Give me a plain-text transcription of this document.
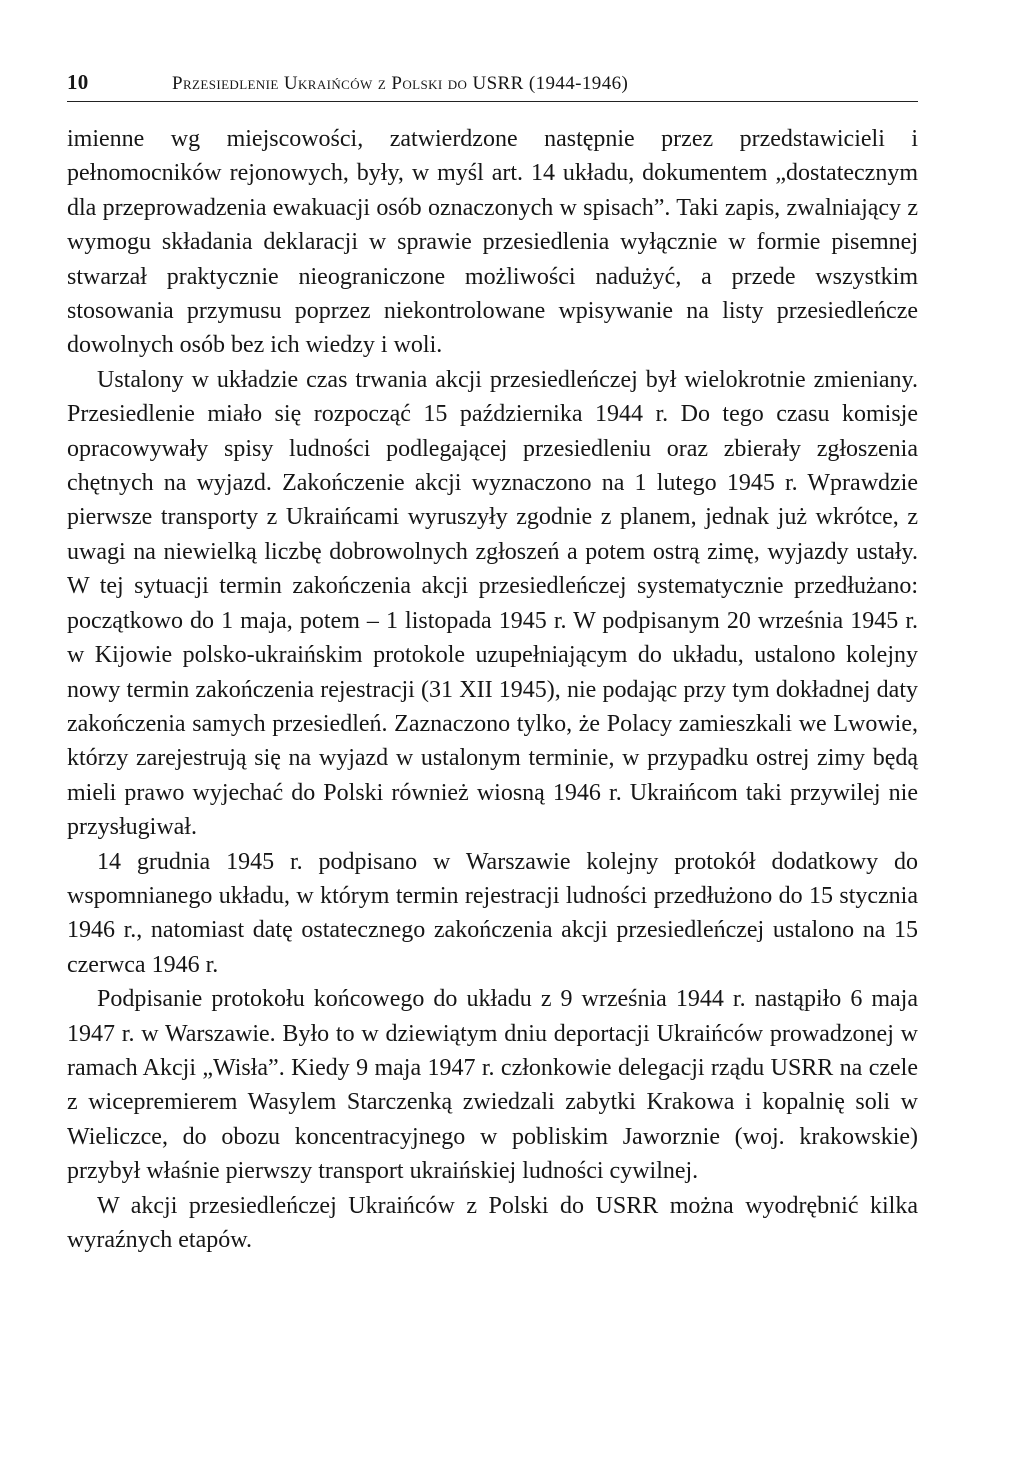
10	Przesiedlenie Ukraińców z Polski do USRR (1944-1946)

imienne wg miejscowości, zatwierdzone następnie przez przedstawicieli i pełnomocników rejonowych, były, w myśl art. 14 układu, dokumentem „dostatecznym dla przeprowadzenia ewakuacji osób oznaczonych w spisach”. Taki zapis, zwalniający z wymogu składania deklaracji w sprawie przesiedlenia wyłącznie w formie pisemnej stwarzał praktycznie nieograniczone możliwości nadużyć, a przede wszystkim stosowania przymusu poprzez niekontrolowane wpisywanie na listy przesiedleńcze dowolnych osób bez ich wiedzy i woli.

Ustalony w układzie czas trwania akcji przesiedleńczej był wielokrotnie zmieniany. Przesiedlenie miało się rozpocząć 15 października 1944 r. Do tego czasu komisje opracowywały spisy ludności podlegającej przesiedleniu oraz zbierały zgłoszenia chętnych na wyjazd. Zakończenie akcji wyznaczono na 1 lutego 1945 r. Wprawdzie pierwsze transporty z Ukraińcami wyruszyły zgodnie z planem, jednak już wkrótce, z uwagi na niewielką liczbę dobrowolnych zgłoszeń a potem ostrą zimę, wyjazdy ustały. W tej sytuacji termin zakończenia akcji przesiedleńczej systematycznie przedłużano: początkowo do 1 maja, potem – 1 listopada 1945 r. W podpisanym 20 września 1945 r. w Kijowie polsko-ukraińskim protokole uzupełniającym do układu, ustalono kolejny nowy termin zakończenia rejestracji (31 XII 1945), nie podając przy tym dokładnej daty zakończenia samych przesiedleń. Zaznaczono tylko, że Polacy zamieszkali we Lwowie, którzy zarejestrują się na wyjazd w ustalonym terminie, w przypadku ostrej zimy będą mieli prawo wyjechać do Polski również wiosną 1946 r. Ukraińcom taki przywilej nie przysługiwał.

14 grudnia 1945 r. podpisano w Warszawie kolejny protokół dodatkowy do wspomnianego układu, w którym termin rejestracji ludności przedłużono do 15 stycznia 1946 r., natomiast datę ostatecznego zakończenia akcji przesiedleńczej ustalono na 15 czerwca 1946 r.

Podpisanie protokołu końcowego do układu z 9 września 1944 r. nastąpiło 6 maja 1947 r. w Warszawie. Było to w dziewiątym dniu deportacji Ukraińców prowadzonej w ramach Akcji „Wisła”. Kiedy 9 maja 1947 r. członkowie delegacji rządu USRR na czele z wicepremierem Wasylem Starczenką zwiedzali zabytki Krakowa i kopalnię soli w Wieliczce, do obozu koncentracyjnego w pobliskim Jaworznie (woj. krakowskie) przybył właśnie pierwszy transport ukraińskiej ludności cywilnej.

W akcji przesiedleńczej Ukraińców z Polski do USRR można wyodrębnić kilka wyraźnych etapów.
